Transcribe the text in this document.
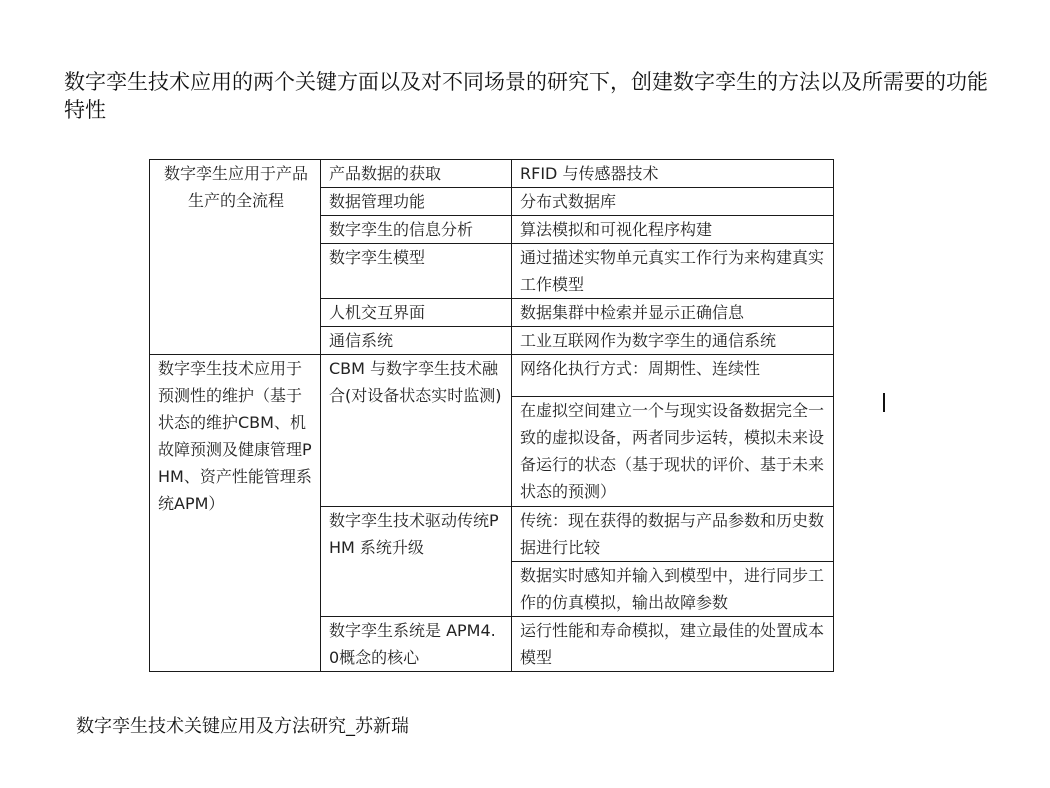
数字孪生技术应用的两个关键方面以及对不同场景的研究下，创建数字孪生的方法以及所需要的功能特性
数字孪生应用于产品生产的全流程	产品数据的获取	RFID 与传感器技术
	数据管理功能	分布式数据库
	数字孪生的信息分析	算法模拟和可视化程序构建
	数字孪生模型	通过描述实物单元真实工作行为来构建真实工作模型
	人机交互界面	数据集群中检索并显示正确信息
	通信系统	工业互联网作为数字孪生的通信系统

数字孪生技术应用于预测性的维护（基于状态的维护CBM、机故障预测及健康管理PHM、资产性能管理系统APM）	CBM 与数字孪生技术融合(对设备状态实时监测)	网络化执行方式：周期性、连续性
		在虚拟空间建立一个与现实设备数据完全一致的虚拟设备，两者同步运转，模拟未来设备运行的状态（基于现状的评价、基于未来状态的预测）
	数字孪生技术驱动传统PHM 系统升级	传统：现在获得的数据与产品参数和历史数据进行比较
		数据实时感知并输入到模型中，进行同步工作的仿真模拟，输出故障参数
	数字孪生系统是 APM4.0概念的核心	运行性能和寿命模拟，建立最佳的处置成本模型
数字孪生技术关键应用及方法研究_苏新瑞
